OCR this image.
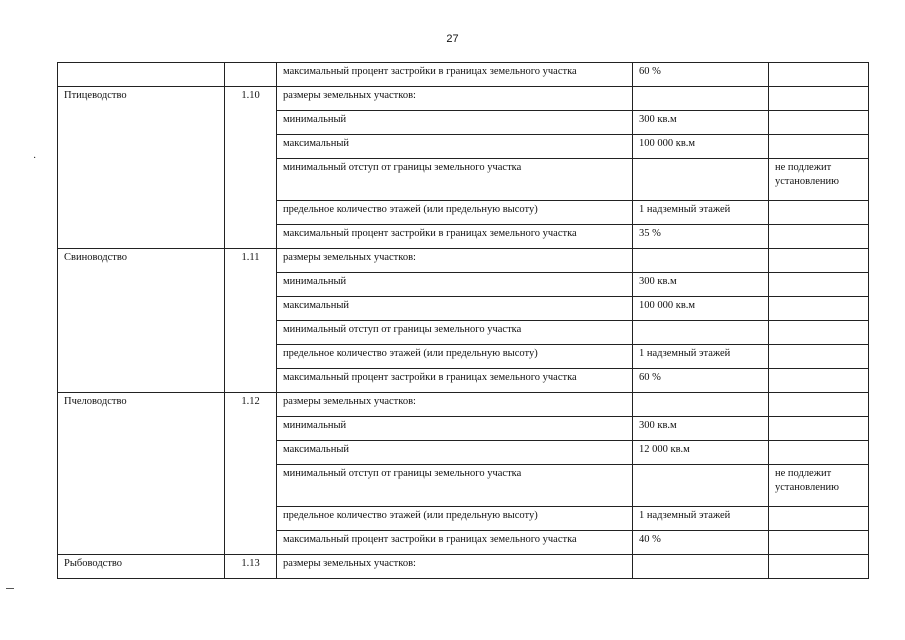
27
·
		максимальный процент застройки в границах земельного участка	60 %	
Птицеводство	1.10	размеры земельных участков:		
		минимальный	300 кв.м	
		максимальный	100 000 кв.м	
		минимальный отступ от границы земельного участка		не подлежит установлению
		предельное количество этажей (или предельную высоту)	1 надземный этажей	
		максимальный процент застройки в границах земельного участка	35 %	
Свиноводство	1.11	размеры земельных участков:		
		минимальный	300 кв.м	
		максимальный	100 000 кв.м	
		минимальный отступ от границы земельного участка		
		предельное количество этажей (или предельную высоту)	1 надземный этажей	
		максимальный процент застройки в границах земельного участка	60 %	
Пчеловодство	1.12	размеры земельных участков:		
		минимальный	300 кв.м	
		максимальный	12 000 кв.м	
		минимальный отступ от границы земельного участка		не подлежит установлению
		предельное количество этажей (или предельную высоту)	1 надземный этажей	
		максимальный процент застройки в границах земельного участка	40 %	
Рыбоводство	1.13	размеры земельных участков:		
